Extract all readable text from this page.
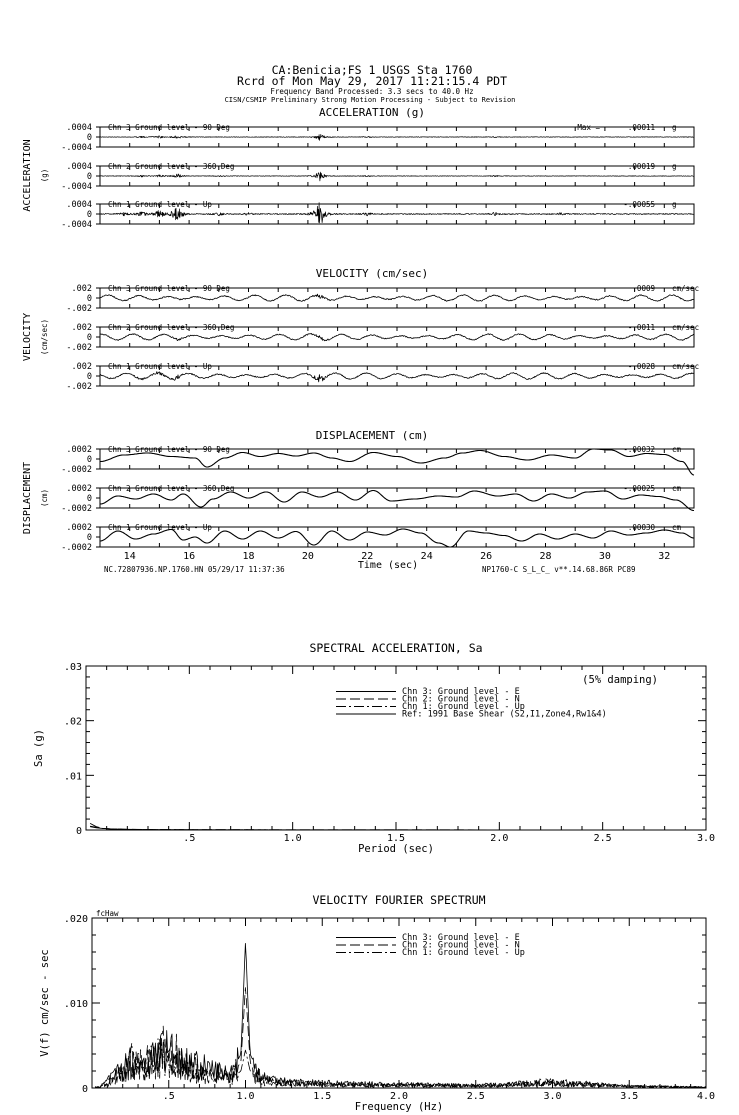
CA:Benicia;FS 1 USGS Sta 1760
Rcrd of Mon May 29, 2017 11:21:15.4 PDT
Frequency Band Processed: 3.3 secs to 40.0 Hz
CISN/CSMIP Preliminary Strong Motion Processing - Subject to Revision
ACCELERATION (g)
ACCELERATION (g)
.0004
0
-.0004
Chn 3 Ground level - 90 Deg	Max =	.00011 g
.0004
0
-.0004
Chn 2 Ground level - 360 Deg	.00019 g
.0004
0
-.0004
Chn 1 Ground level - Up	-.00055 g
VELOCITY (cm/sec)
VELOCITY (cm/sec)
.002
0
-.002
Chn 3 Ground level - 90 Deg	.0009 cm/sec
.002
0
-.002
Chn 2 Ground level - 360 Deg	-.0011 cm/sec
.002
0
-.002
Chn 1 Ground level - Up	-.0028 cm/sec
DISPLACEMENT (cm)
DISPLACEMENT (cm)
.0002
0
-.0002
Chn 3 Ground level - 90 Deg	-.00032 cm
.0002
0
-.0002
Chn 2 Ground level - 360 Deg	-.00025 cm
.0002
0
-.0002
Chn 1 Ground level - Up	.00030 cm
14	16	18	20	22	24	26	28	30	32
Time (sec)
SPECTRAL ACCELERATION, Sa
.5	1.0	1.5	2.0	2.5	3.0
0
.01
.02
.03
Period (sec)
Sa (g)
(5% damping)
Chn 3: Ground level - E
Chn 2: Ground level - N
Chn 1: Ground level - Up
Ref: 1991 Base Shear (S2,I1,Zone4,Rw1&4)
VELOCITY FOURIER SPECTRUM
.5	1.0	1.5	2.0	2.5	3.0	3.5	4.0
0
.010
.020
Frequency (Hz)
V(f) cm/sec - sec
fcHaw
Chn 3: Ground level - E
Chn 2: Ground level - N
Chn 1: Ground level - Up
NC.72807936.NP.1760.HN 05/29/17 11:37:36	NP1760-C S_L_C_ v**.14.68.86R PC89
